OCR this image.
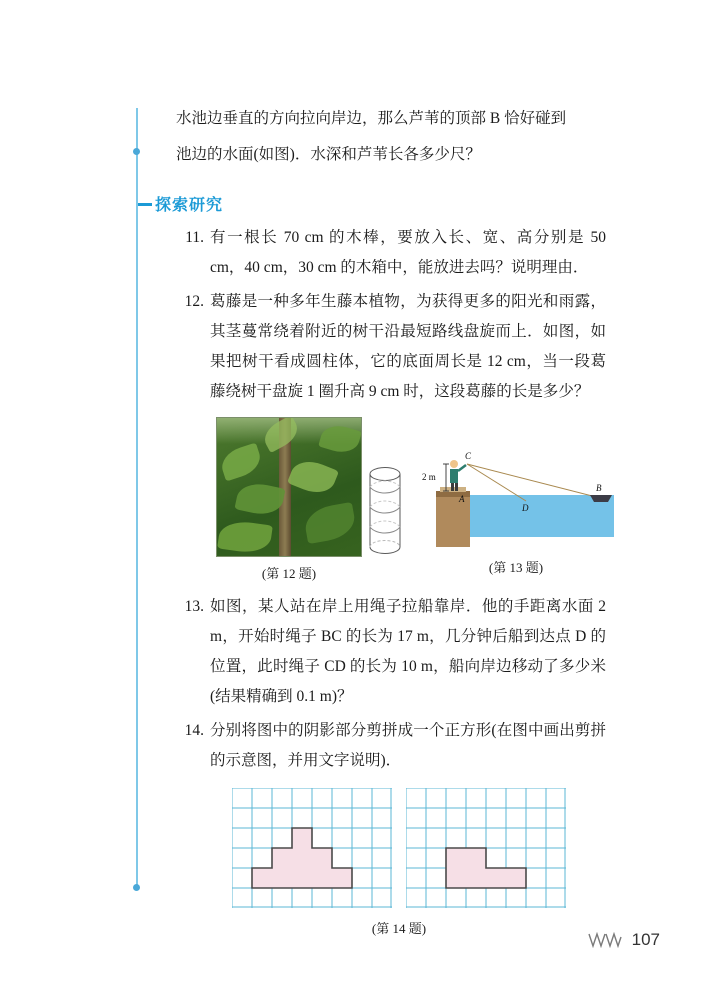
水池边垂直的方向拉向岸边，那么芦苇的顶部 B 恰好碰到

池边的水面(如图)．水深和芦苇长各多少尺？

探索研究
11. 有一根长 70 cm 的木棒，要放入长、宽、高分别是 50 cm，40 cm，30 cm 的木箱中，能放进去吗？说明理由．
12. 葛藤是一种多年生藤本植物，为获得更多的阳光和雨露，其茎蔓常绕着附近的树干沿最短路线盘旋而上．如图，如果把树干看成圆柱体，它的底面周长是 12 cm，当一段葛藤绕树干盘旋 1 圈升高 9 cm 时，这段葛藤的长是多少？
(第 12 题)
C
A
B
D
2 m
(第 13 题)
13. 如图，某人站在岸上用绳子拉船靠岸．他的手距离水面 2 m，开始时绳子 BC 的长为 17 m，几分钟后船到达点 D 的位置，此时绳子 CD 的长为 10 m，船向岸边移动了多少米(结果精确到 0.1 m)？
14. 分别将图中的阴影部分剪拼成一个正方形(在图中画出剪拼的示意图，并用文字说明)．
(第 14 题)
107
